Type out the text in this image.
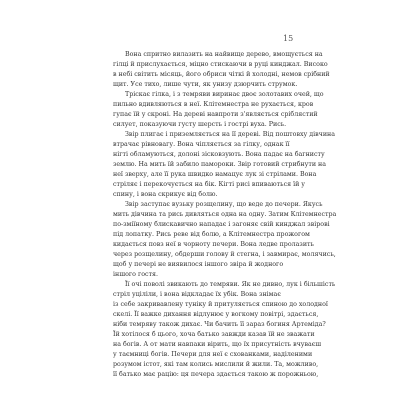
15
Вона спритно вилазить на найвище дерево, вмощується на
гілці й прислухається, міцно стискаючи в руці кинджал. Високо
в небі світить місяць, його обриси чіткі й холодні, немов срібний
щит. Усе тихо, лише чути, як унизу дзюрчить струмок.
Тріскає гілка, і з темряви виринає двоє золотавих очей, що
пильно вдивляються в неї. Клітемнестра не рухається, кров
гупає їй у скроні. На дереві навпроти з'являється сріблястий
силует, показуючи густу шерсть і гострі вуха. Рись.
Звір плигає і приземляється на її дереві. Від поштовху дівчина
втрачає рівновагу. Вона чіпляється за гілку, однак її
нігті обламуються, долоні зісковзують. Вона падає на багнисту
землю. На мить їй забило памороки. Звір готовий стрибнути на
неї зверху, але її рука швидко намацує лук зі стрілами. Вона
стріляє і перекочується на бік. Кігті рисі впиваються їй у
спину, і вона скрикує від болю.
Звір заступає вузьку розщелину, що веде до печери. Якусь
мить дівчина та рись дивляться одна на одну. Затим Клітемнестра
по-зміїному блискавично нападає і загоняє свій кинджал звірові
під лопатку. Рись реве від болю, а Клітемнестра прожогом
кидається повз неї в чорноту печери. Вона ледве пролазить
через розщелину, обдерши голову й стегна, і завмирає, молячись,
щоб у печері не виявилося іншого звіра й жодного
іншого гостя.
Її очі поволі звикають до темряви. Як не дивно, лук і більшість
стріл уціліли, і вона відкладає їх убік. Вона знімає
із себе закривавлену туніку й притуляється спиною до холодної
скелі. Її важке дихання відлунює у вогкому повітрі, здається,
ніби темряву також дихає. Чи бачить її зараз богиня Артеміда?
Їй хотілося б цього, хоча батько завжди казав їй не зважати
на богів. А от мати навпаки вірить, що їх присутність вчуваєш
у таємниці богів. Печери для неї є схованками, наділеними
розумом істот, які там колись мислили й жили. Та, можливо,
її батько має рацію: ця печера здається такою ж порожньою,
